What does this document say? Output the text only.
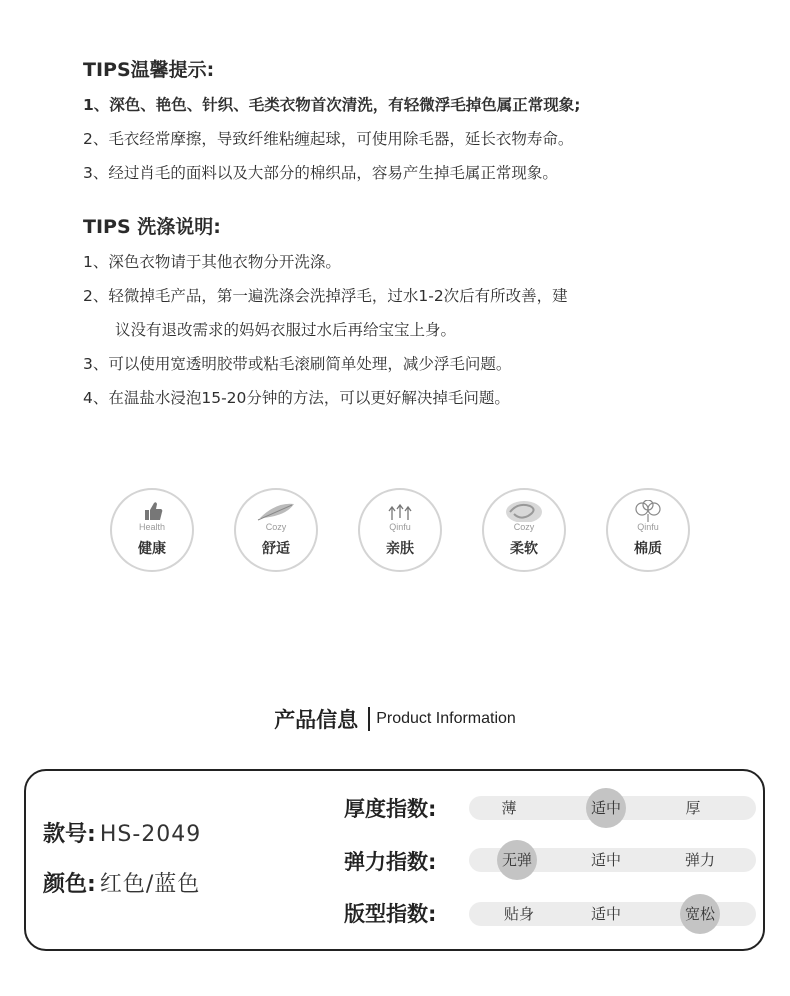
TIPS温馨提示:
1、深色、艳色、针织、毛类衣物首次清洗，有轻微浮毛掉色属正常现象;
2、毛衣经常摩擦，导致纤维粘缠起球，可使用除毛器，延长衣物寿命。
3、经过肖毛的面料以及大部分的棉织品，容易产生掉毛属正常现象。
TIPS 洗涤说明:
1、深色衣物请于其他衣物分开洗涤。
2、轻微掉毛产品，第一遍洗涤会洗掉浮毛，过水1-2次后有所改善，建
议没有退改需求的妈妈衣服过水后再给宝宝上身。
3、可以使用宽透明胶带或粘毛滚刷简单处理，减少浮毛问题。
4、在温盐水浸泡15-20分钟的方法，可以更好解决掉毛问题。
Health
健康
Cozy
舒适
Qinfu
亲肤
Cozy
柔软
Qinfu
棉质
产品信息 Product Information
款号: HS-2049
颜色: 红色/蓝色
厚度指数:	薄	适中	厚
弹力指数:	无弹	适中	弹力
版型指数:	贴身	适中	宽松
